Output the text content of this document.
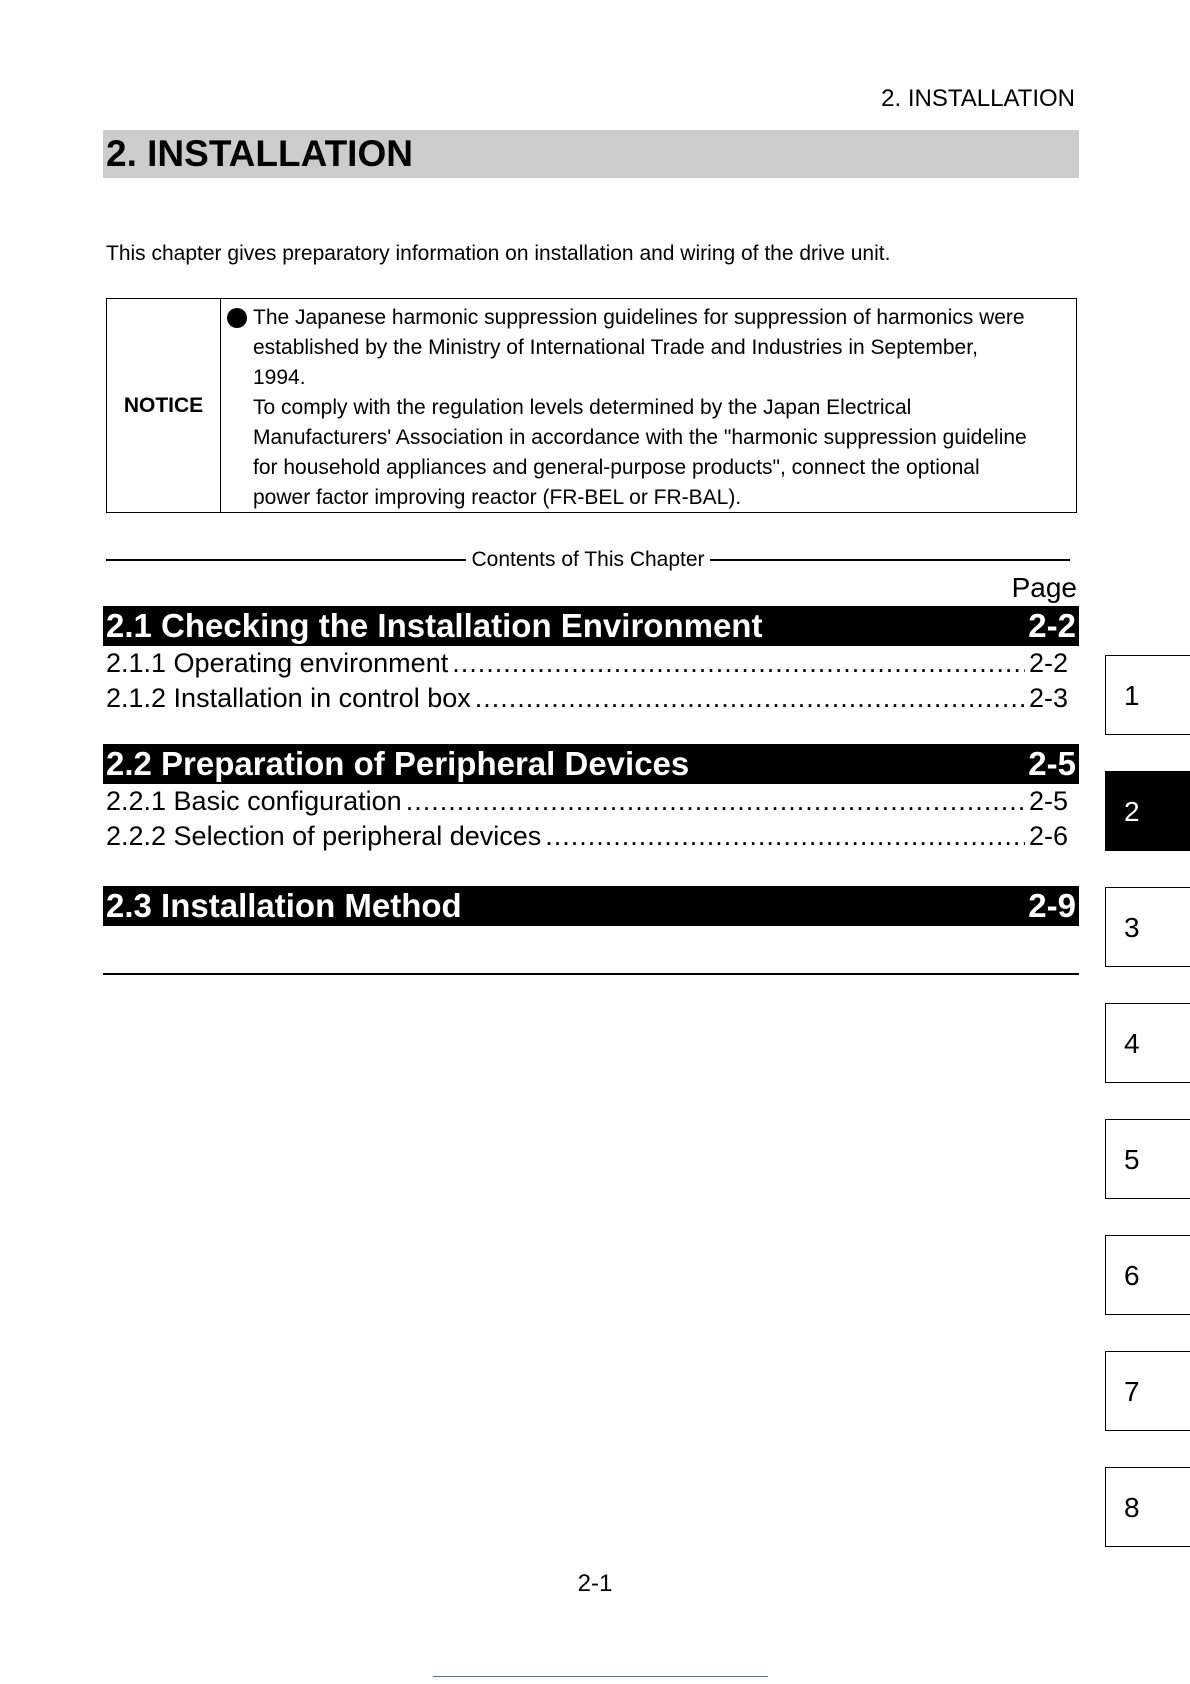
2. INSTALLATION
2. INSTALLATION
This chapter gives preparatory information on installation and wiring of the drive unit.
NOTICE

The Japanese harmonic suppression guidelines for suppression of harmonics were

established by the Ministry of International Trade and Industries in September,

1994.

To comply with the regulation levels determined by the Japan Electrical

Manufacturers' Association in accordance with the "harmonic suppression guideline

for household appliances and general-purpose products", connect the optional

power factor improving reactor (FR-BEL or FR-BAL).

Contents of This Chapter
Page
2.1 Checking the Installation Environment	2-2
2.1.1 Operating environment .....	2-2
2.1.2 Installation in control box .....	2-3
2.2 Preparation of Peripheral Devices	2-5
2.2.1 Basic configuration .....	2-5
2.2.2 Selection of peripheral devices .....	2-6
2.3 Installation Method	2-9
1
2
3
4
5
6
7
8
2-1
